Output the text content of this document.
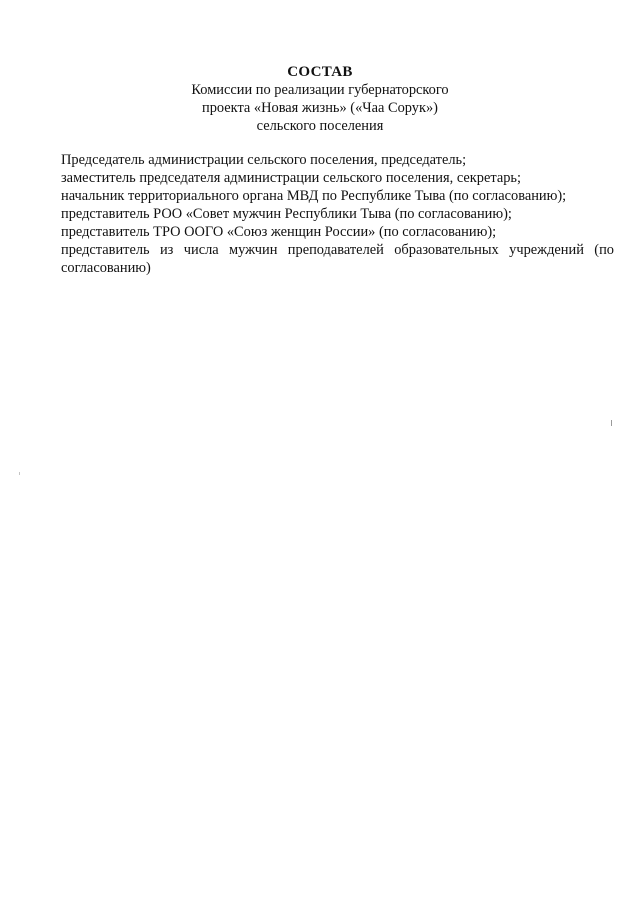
СОСТАВ

Комиссии по реализации губернаторского

проекта «Новая жизнь» («Чаа Сорук»)

сельского поселения

Председатель администрации сельского поселения, председатель;

заместитель председателя администрации сельского поселения, секретарь;

начальник территориального органа МВД по Республике Тыва (по согласованию);

представитель РОО «Совет мужчин Республики Тыва (по согласованию);

представитель ТРО ООГО «Союз женщин России» (по согласованию);

представитель из числа мужчин преподавателей образовательных учреждений (по согласованию)
